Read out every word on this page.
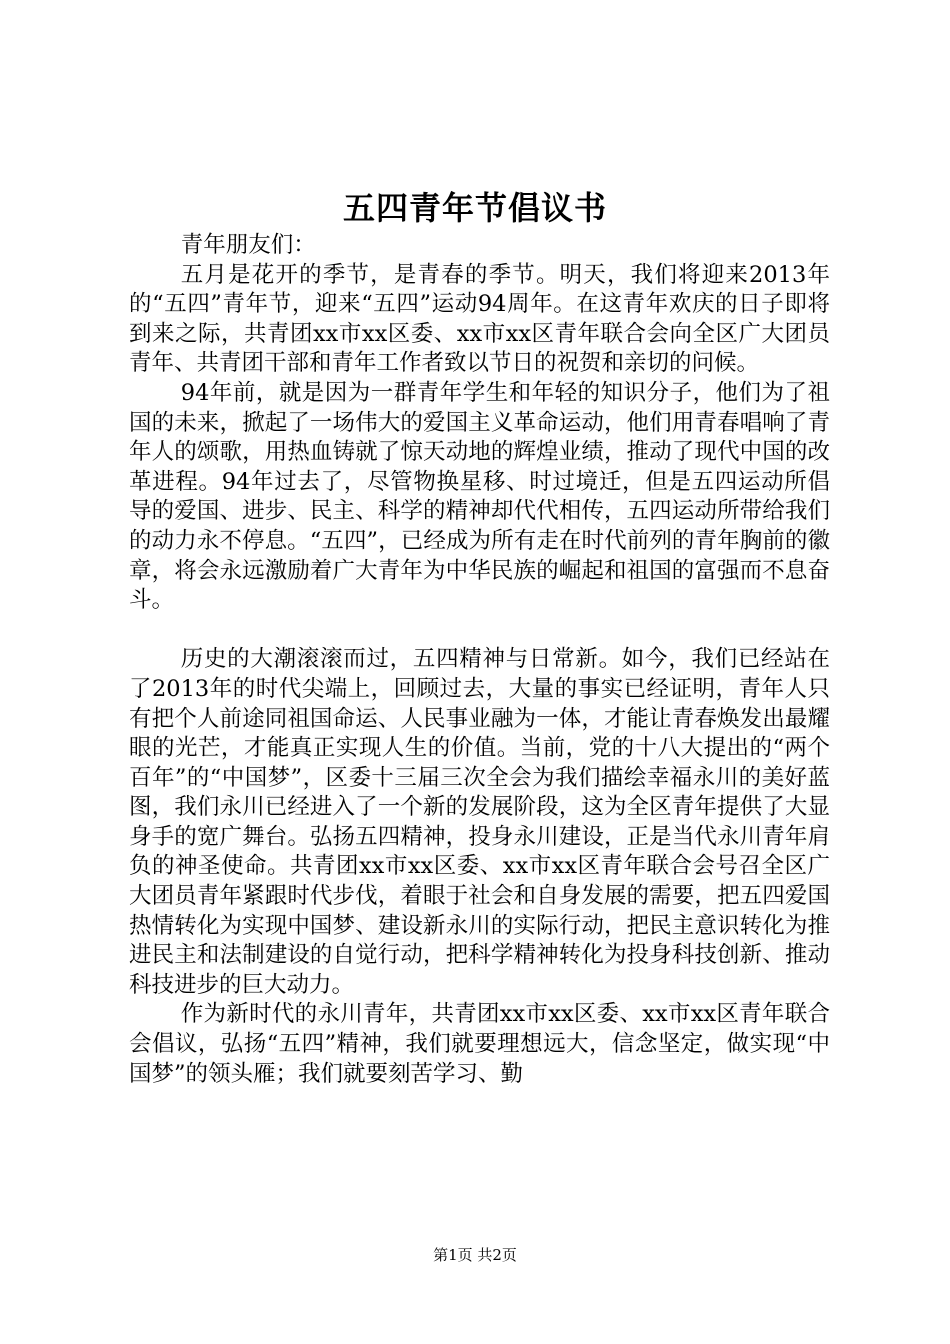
五四青年节倡议书

青年朋友们：

五月是花开的季节，是青春的季节。明天，我们将迎来2013年的“五四”青年节，迎来“五四”运动94周年。在这青年欢庆的日子即将到来之际，共青团xx市xx区委、xx市xx区青年联合会向全区广大团员青年、共青团干部和青年工作者致以节日的祝贺和亲切的问候。

94年前，就是因为一群青年学生和年轻的知识分子，他们为了祖国的未来，掀起了一场伟大的爱国主义革命运动，他们用青春唱响了青年人的颂歌，用热血铸就了惊天动地的辉煌业绩，推动了现代中国的改革进程。94年过去了，尽管物换星移、时过境迁，但是五四运动所倡导的爱国、进步、民主、科学的精神却代代相传，五四运动所带给我们的动力永不停息。“五四”，已经成为所有走在时代前列的青年胸前的徽章，将会永远激励着广大青年为中华民族的崛起和祖国的富强而不息奋斗。

历史的大潮滚滚而过，五四精神与日常新。如今，我们已经站在了2013年的时代尖端上，回顾过去，大量的事实已经证明，青年人只有把个人前途同祖国命运、人民事业融为一体，才能让青春焕发出最耀眼的光芒，才能真正实现人生的价值。当前，党的十八大提出的“两个百年”的“中国梦”，区委十三届三次全会为我们描绘幸福永川的美好蓝图，我们永川已经进入了一个新的发展阶段，这为全区青年提供了大显身手的宽广舞台。弘扬五四精神，投身永川建设，正是当代永川青年肩负的神圣使命。共青团xx市xx区委、xx市xx区青年联合会号召全区广大团员青年紧跟时代步伐，着眼于社会和自身发展的需要，把五四爱国热情转化为实现中国梦、建设新永川的实际行动，把民主意识转化为推进民主和法制建设的自觉行动，把科学精神转化为投身科技创新、推动科技进步的巨大动力。

作为新时代的永川青年，共青团xx市xx区委、xx市xx区青年联合会倡议，弘扬“五四”精神，我们就要理想远大，信念坚定，做实现“中国梦”的领头雁；我们就要刻苦学习、勤

第1页 共2页
